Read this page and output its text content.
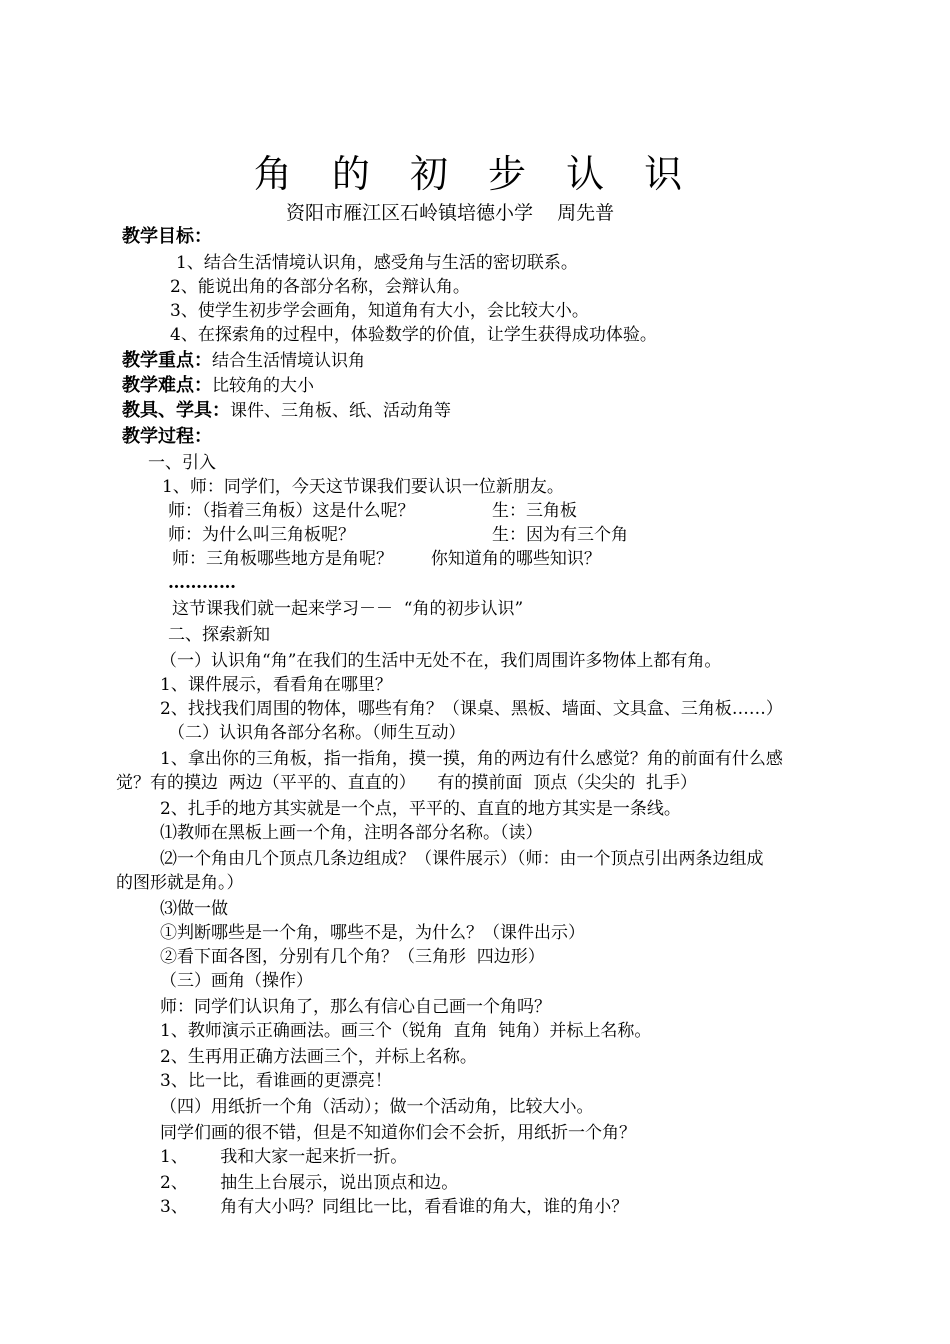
角 的 初 步 认 识
资阳市雁江区石岭镇培德小学    周先普
教学目标：
1、结合生活情境认识角，感受角与生活的密切联系。
2、能说出角的各部分名称，会辩认角。
3、使学生初步学会画角，知道角有大小，会比较大小。
4、在探索角的过程中，体验数学的价值，让学生获得成功体验。
教学重点：结合生活情境认识角
教学难点：比较角的大小
教具、学具：课件、三角板、纸、活动角等
教学过程：
一、引入
1、师：同学们，今天这节课我们要认识一位新朋友。
师：（指着三角板）这是什么呢？	生：三角板
师：为什么叫三角板呢？	生：因为有三个角
师：三角板哪些地方是角呢？       你知道角的哪些知识？
…………
这节课我们就一起来学习－－  “角的初步认识”
二、探索新知
（一）认识角“角”在我们的生活中无处不在，我们周围许多物体上都有角。
1、课件展示，看看角在哪里？
2、找找我们周围的物体，哪些有角？（课桌、黑板、墙面、文具盒、三角板……）
（二）认识角各部分名称。（师生互动）
1、拿出你的三角板，指一指角，摸一摸，角的两边有什么感觉？角的前面有什么感
觉？有的摸边  两边（平平的、直直的）    有的摸前面  顶点（尖尖的  扎手）
2、扎手的地方其实就是一个点，平平的、直直的地方其实是一条线。
⑴教师在黑板上画一个角，注明各部分名称。（读）
⑵一个角由几个顶点几条边组成？（课件展示）（师：由一个顶点引出两条边组成
的图形就是角。）
⑶做一做
①判断哪些是一个角，哪些不是，为什么？（课件出示）
②看下面各图，分别有几个角？（三角形  四边形）
（三）画角（操作）
师：同学们认识角了，那么有信心自己画一个角吗？
1、教师演示正确画法。画三个（锐角  直角  钝角）并标上名称。
2、生再用正确方法画三个，并标上名称。
3、比一比，看谁画的更漂亮！
（四）用纸折一个角（活动）；做一个活动角，比较大小。
同学们画的很不错，但是不知道你们会不会折，用纸折一个角？
1、      我和大家一起来折一折。
2、      抽生上台展示，说出顶点和边。
3、      角有大小吗？同组比一比，看看谁的角大，谁的角小？
